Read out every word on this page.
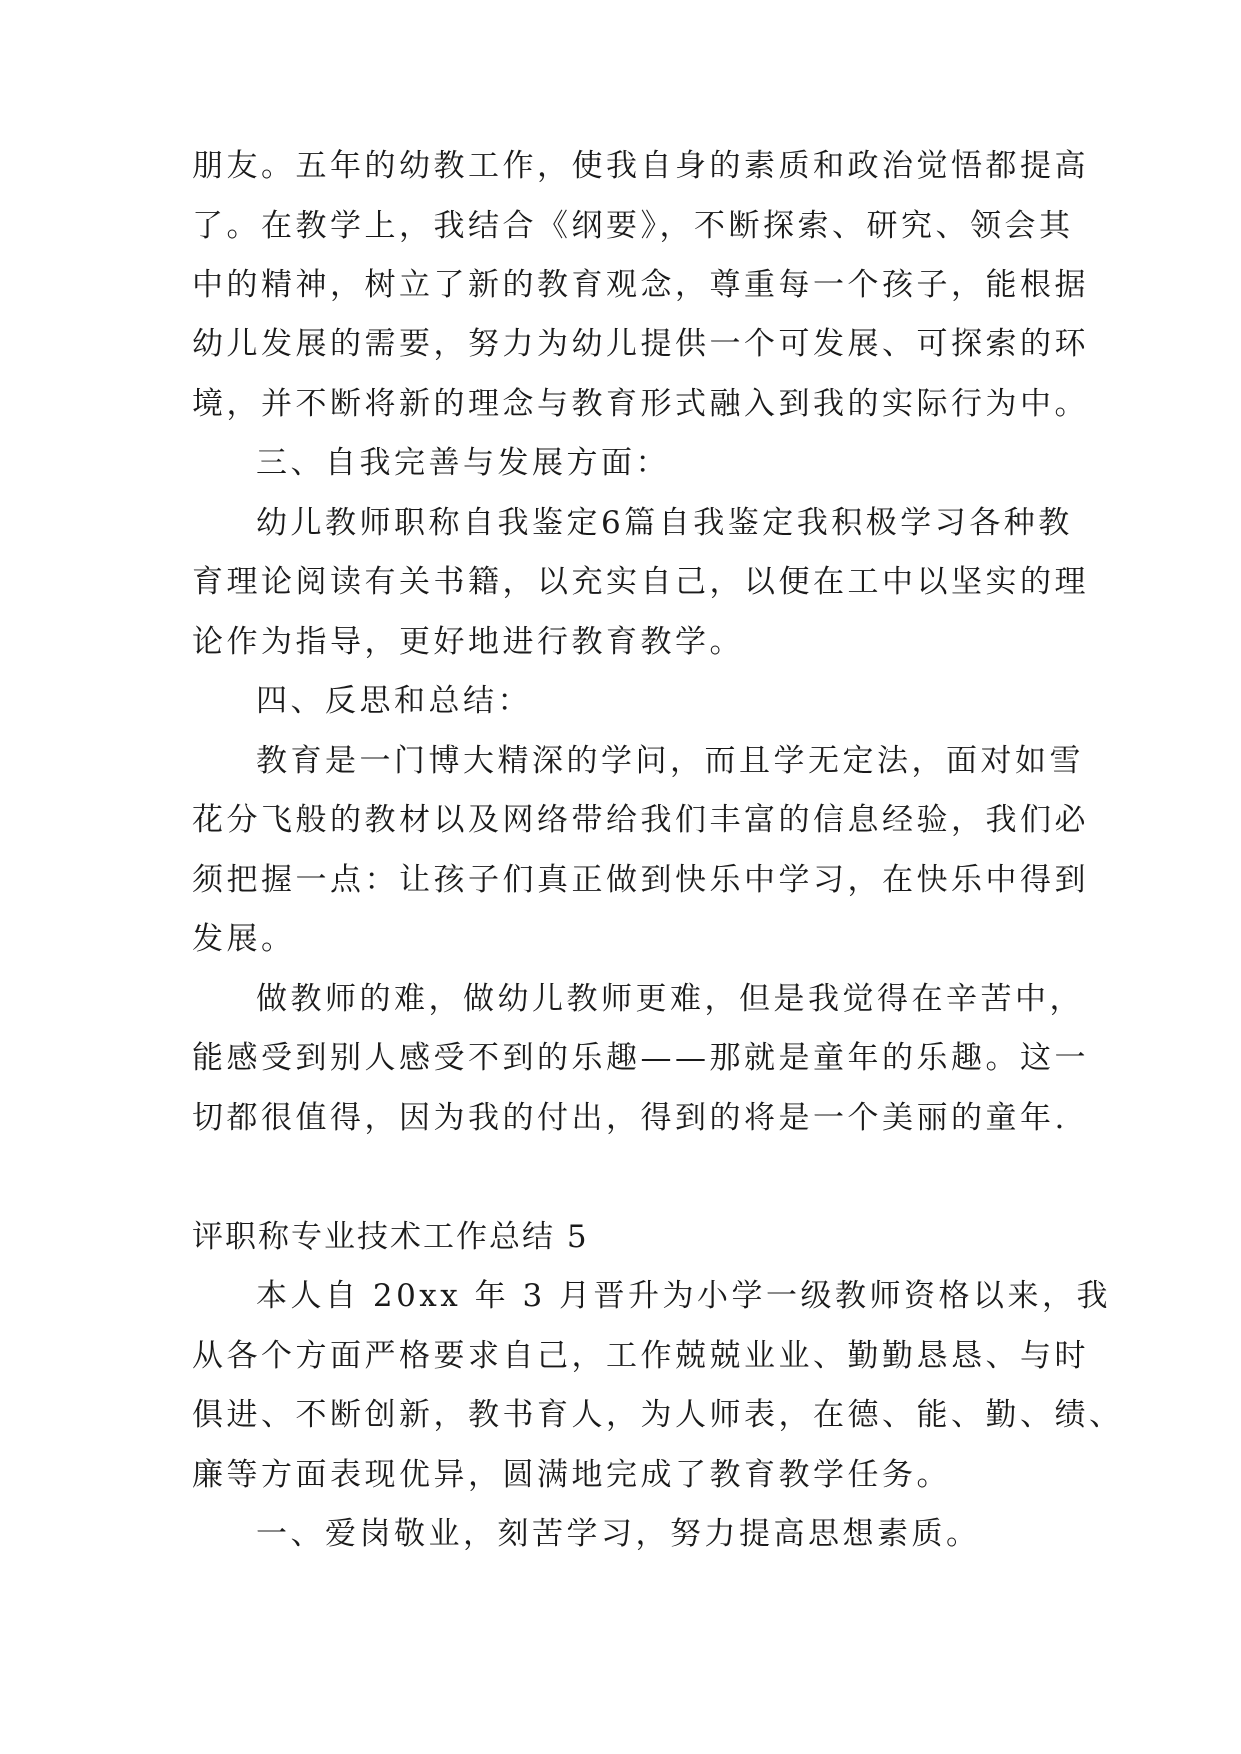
朋友。五年的幼教工作，使我自身的素质和政治觉悟都提高
了。在教学上，我结合《纲要》，不断探索、研究、领会其
中的精神，树立了新的教育观念，尊重每一个孩子，能根据
幼儿发展的需要，努力为幼儿提供一个可发展、可探索的环
境，并不断将新的理念与教育形式融入到我的实际行为中。
三、自我完善与发展方面：
幼儿教师职称自我鉴定6篇自我鉴定我积极学习各种教
育理论阅读有关书籍，以充实自己，以便在工中以坚实的理
论作为指导，更好地进行教育教学。
四、反思和总结：
教育是一门博大精深的学问，而且学无定法，面对如雪
花分飞般的教材以及网络带给我们丰富的信息经验，我们必
须把握一点：让孩子们真正做到快乐中学习，在快乐中得到
发展。
做教师的难，做幼儿教师更难，但是我觉得在辛苦中，
能感受到别人感受不到的乐趣——那就是童年的乐趣。这一
切都很值得，因为我的付出，得到的将是一个美丽的童年.
评职称专业技术工作总结 5
本人自 20xx 年 3 月晋升为小学一级教师资格以来，我
从各个方面严格要求自己，工作兢兢业业、勤勤恳恳、与时
俱进、不断创新，教书育人，为人师表，在德、能、勤、绩、
廉等方面表现优异，圆满地完成了教育教学任务。
一、爱岗敬业，刻苦学习，努力提高思想素质。
